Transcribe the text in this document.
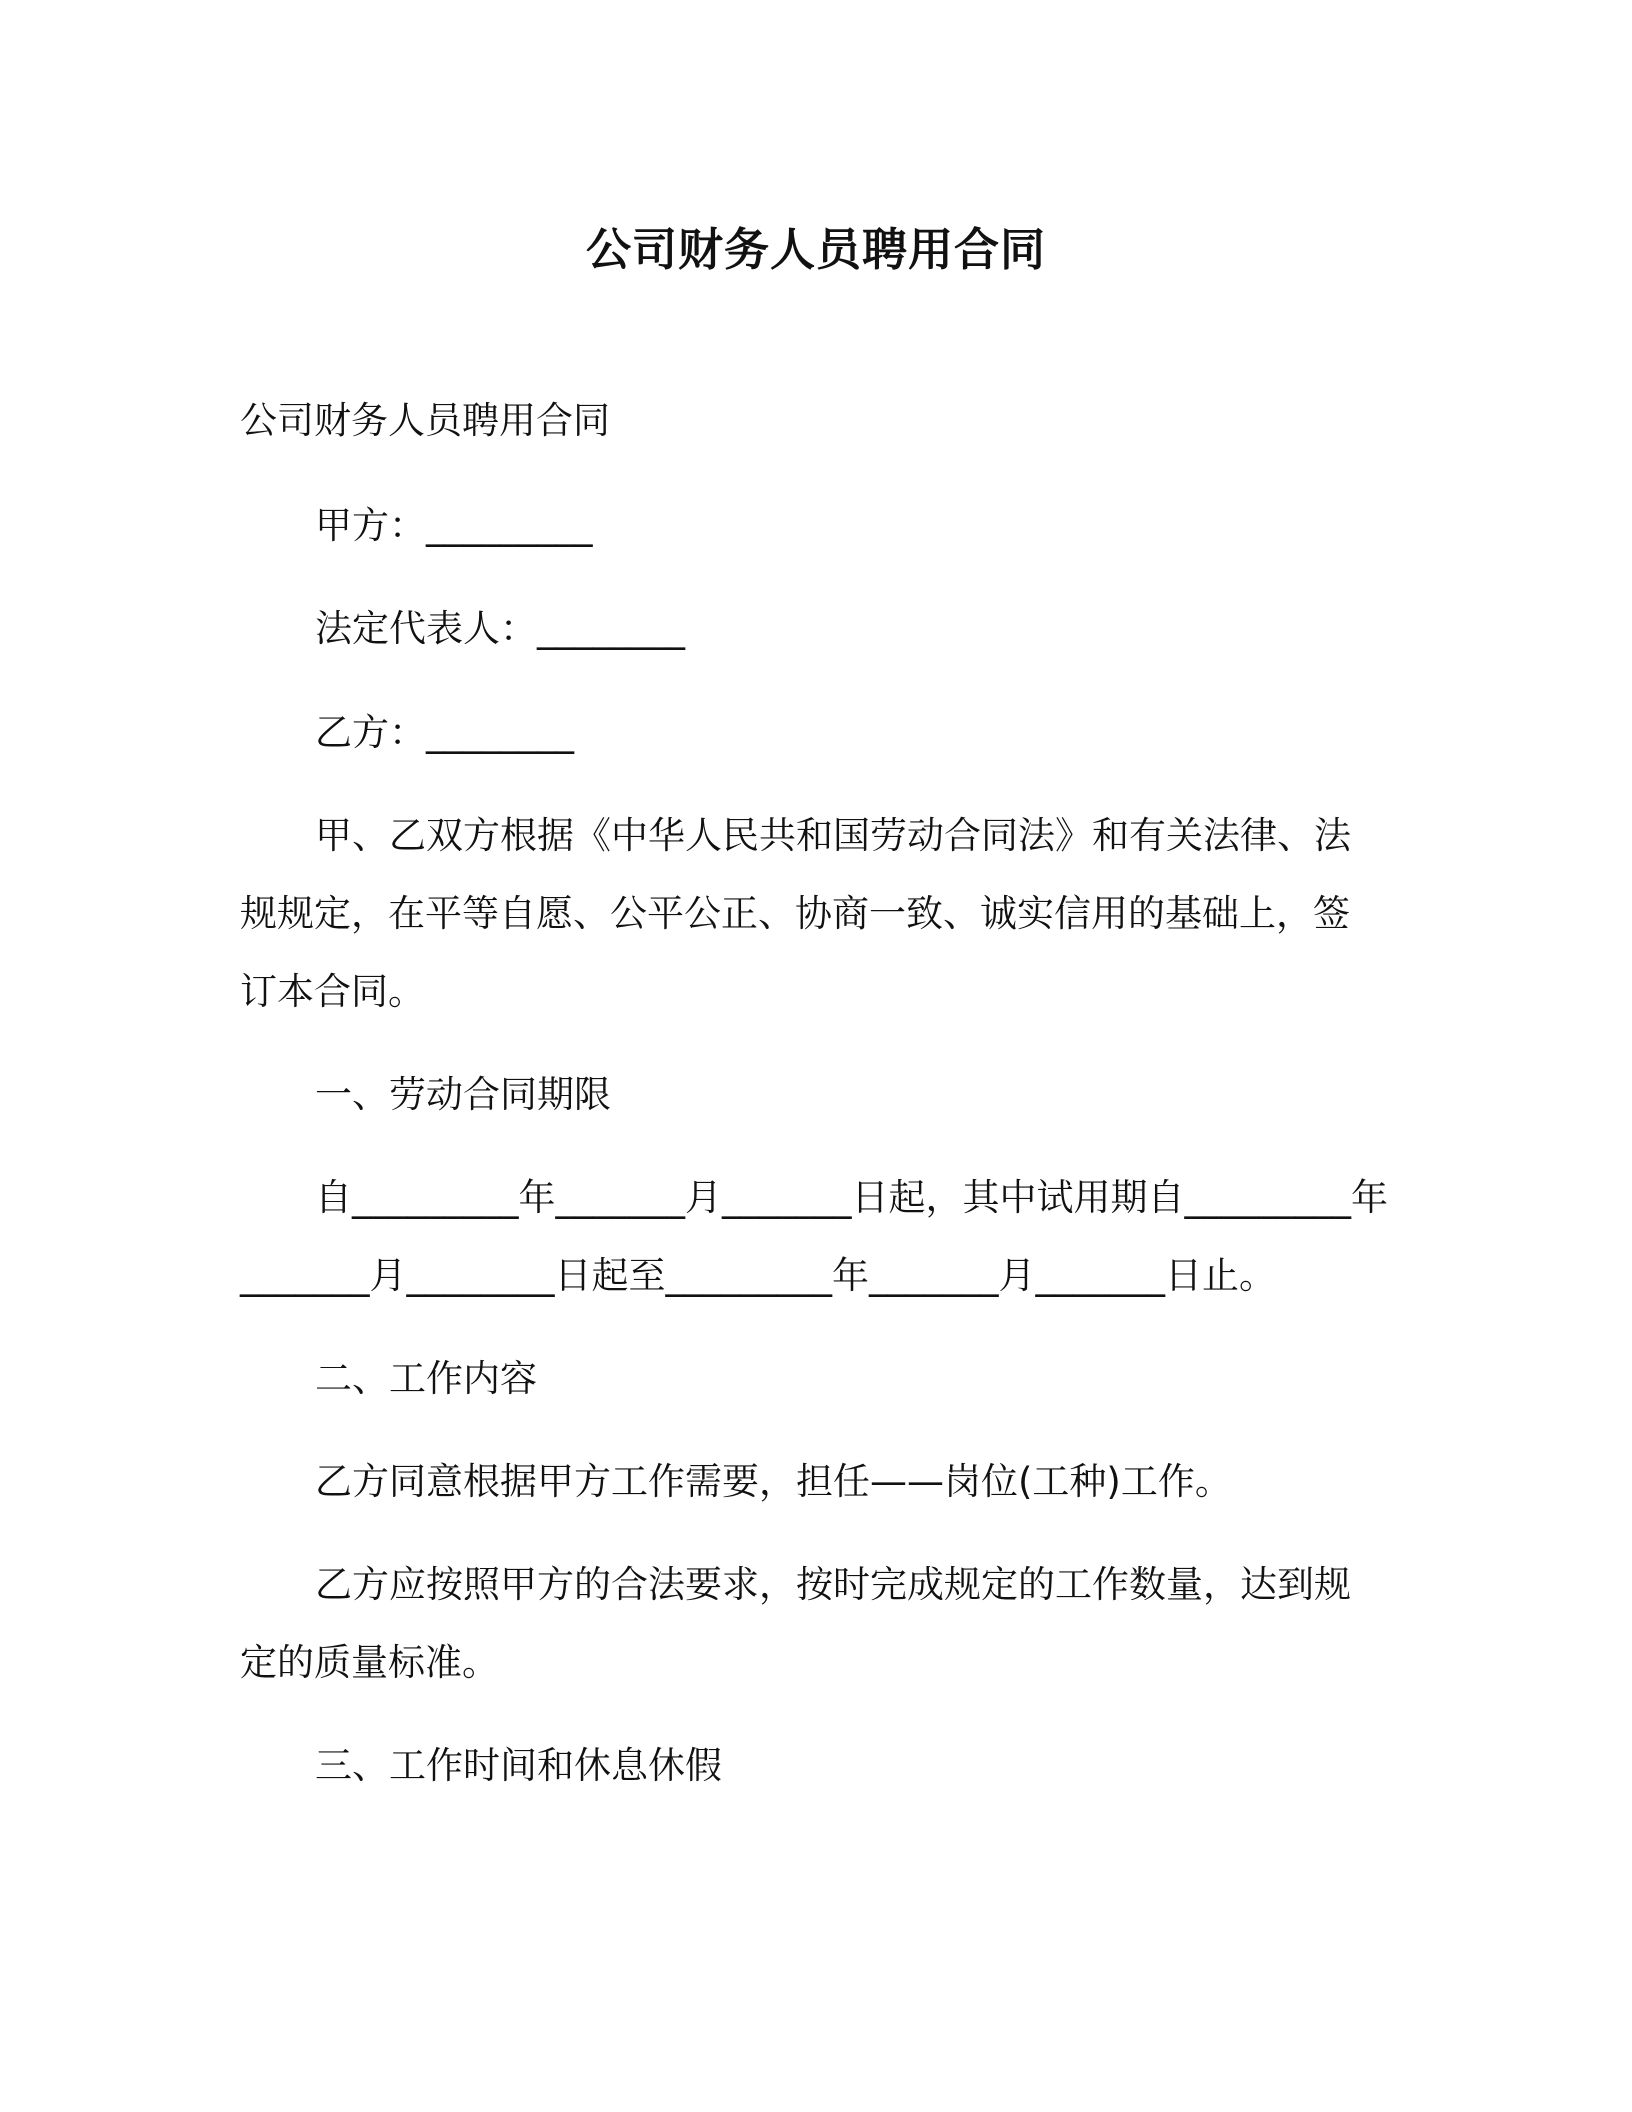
公司财务人员聘用合同
公司财务人员聘用合同
甲方：_________
法定代表人：________
乙方：________
甲、乙双方根据《中华人民共和国劳动合同法》和有关法律、法
规规定，在平等自愿、公平公正、协商一致、诚实信用的基础上，签
订本合同。
一、劳动合同期限
自_________年_______月_______日起，其中试用期自_________年
_______月________日起至_________年_______月_______日止。
二、工作内容
乙方同意根据甲方工作需要，担任——岗位(工种)工作。
乙方应按照甲方的合法要求，按时完成规定的工作数量，达到规
定的质量标准。
三、工作时间和休息休假
